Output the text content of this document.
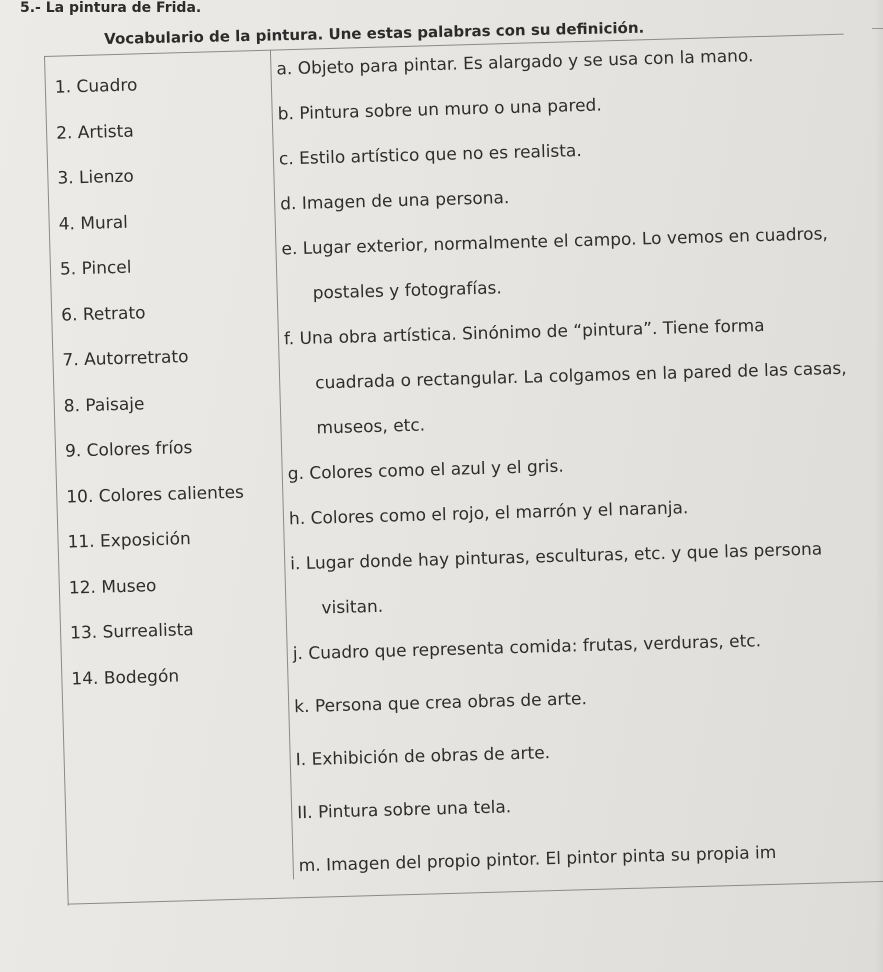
5.- La pintura de Frida.
Vocabulario de la pintura. Une estas palabras con su definición.
1. Cuadro
2. Artista
3. Lienzo
4. Mural
5. Pincel
6. Retrato
7. Autorretrato
8. Paisaje
9. Colores fríos
10. Colores calientes
11. Exposición
12. Museo
13. Surrealista
14. Bodegón
a. Objeto para pintar. Es alargado y se usa con la mano.
b. Pintura sobre un muro o una pared.
c. Estilo artístico que no es realista.
d. Imagen de una persona.
e. Lugar exterior, normalmente el campo. Lo vemos en cuadros,
postales y fotografías.
f. Una obra artística. Sinónimo de “pintura”. Tiene forma
cuadrada o rectangular. La colgamos en la pared de las casas,
museos, etc.
g. Colores como el azul y el gris.
h. Colores como el rojo, el marrón y el naranja.
i. Lugar donde hay pinturas, esculturas, etc. y que las persona
visitan.
j. Cuadro que representa comida: frutas, verduras, etc.
k. Persona que crea obras de arte.
I. Exhibición de obras de arte.
II. Pintura sobre una tela.
m. Imagen del propio pintor. El pintor pinta su propia im
